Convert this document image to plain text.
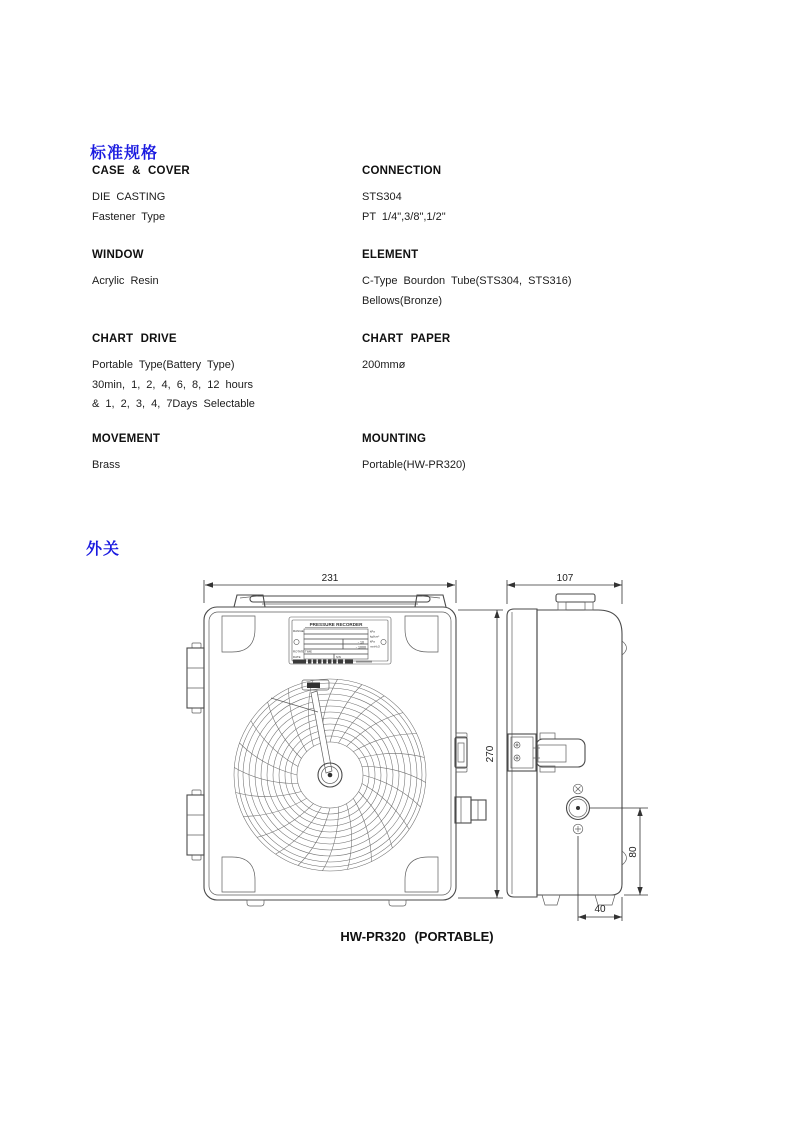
标准规格
CASE & COVER
DIE CASTING
Fastener Type
CONNECTION
STS304
PT 1/4",3/8",1/2"
WINDOW
Acrylic Resin
ELEMENT
C-Type Bourdon Tube(STS304, STS316)
Bellows(Bronze)
CHART DRIVE
Portable Type(Battery Type)
30min, 1, 2, 4, 6, 8, 12 hours
& 1, 2, 3, 4, 7Days Selectable
CHART PAPER
200mmø
MOVEMENT
Brass
MOUNTING
Portable(HW-PR320)
外关
PRESSURE RECORDER
RANGE
- 10
- 1000
kPa
kgf/cm²
kPa
mmH₂O
ROTATE TIME
DATE	S/N
231	107
270
80
40
HW-PR320 (PORTABLE)
